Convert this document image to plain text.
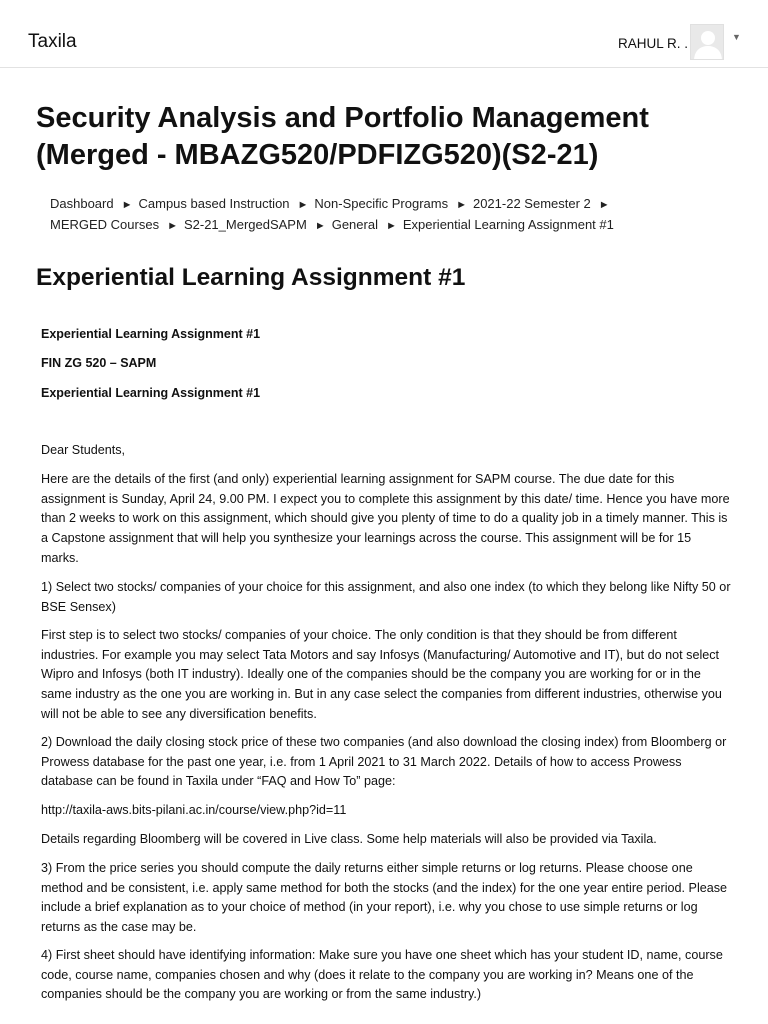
Taxila	RAHUL R. .	▼
Security Analysis and Portfolio Management
(Merged - MBAZG520/PDFIZG520)(S2-21)
Dashboard ► Campus based Instruction ► Non-Specific Programs ► 2021-22 Semester 2 ►
MERGED Courses ► S2-21_MergedSAPM ► General ► Experiential Learning Assignment #1
Experiential Learning Assignment #1
Experiential Learning Assignment #1
FIN ZG 520 – SAPM
Experiential Learning Assignment #1
Dear Students,
Here are the details of the first (and only) experiential learning assignment for SAPM course. The due date for this assignment is Sunday, April 24, 9.00 PM. I expect you to complete this assignment by this date/ time. Hence you have more than 2 weeks to work on this assignment, which should give you plenty of time to do a quality job in a timely manner. This is a Capstone assignment that will help you synthesize your learnings across the course. This assignment will be for 15 marks.
1) Select two stocks/ companies of your choice for this assignment, and also one index (to which they belong like Nifty 50 or BSE Sensex)
First step is to select two stocks/ companies of your choice. The only condition is that they should be from different industries. For example you may select Tata Motors and say Infosys (Manufacturing/ Automotive and IT), but do not select Wipro and Infosys (both IT industry). Ideally one of the companies should be the company you are working for or in the same industry as the one you are working in. But in any case select the companies from different industries, otherwise you will not be able to see any diversification benefits.
2) Download the daily closing stock price of these two companies (and also download the closing index) from Bloomberg or Prowess database for the past one year, i.e. from 1 April 2021 to 31 March 2022. Details of how to access Prowess database can be found in Taxila under “FAQ and How To” page:
http://taxila-aws.bits-pilani.ac.in/course/view.php?id=11
Details regarding Bloomberg will be covered in Live class. Some help materials will also be provided via Taxila.
3) From the price series you should compute the daily returns either simple returns or log returns. Please choose one method and be consistent, i.e. apply same method for both the stocks (and the index) for the one year entire period. Please include a brief explanation as to your choice of method (in your report), i.e. why you chose to use simple returns or log returns as the case may be.
4) First sheet should have identifying information: Make sure you have one sheet which has your student ID, name, course code, course name, companies chosen and why (does it relate to the company you are working in? Means one of the companies should be the company you are working or from the same industry.)
